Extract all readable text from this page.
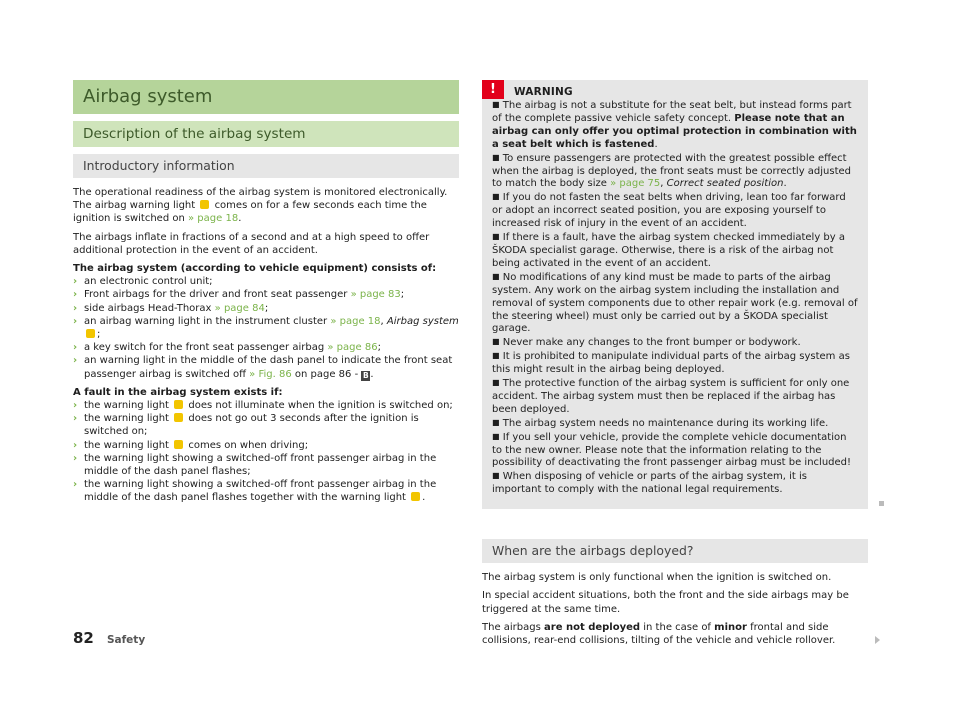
Airbag system
Description of the airbag system
Introductory information

The operational readiness of the airbag system is monitored electronically. The airbag warning light comes on for a few seconds each time the ignition is switched on » page 18.

The airbags inflate in fractions of a second and at a high speed to offer additional protection in the event of an accident.

The airbag system (according to vehicle equipment) consists of:

› an electronic control unit;
› Front airbags for the driver and front seat passenger » page 83;
› side airbags Head-Thorax » page 84;
› an airbag warning light in the instrument cluster » page 18, Airbag system ;
› a key switch for the front seat passenger airbag » page 86;
› an warning light in the middle of the dash panel to indicate the front seat passenger airbag is switched off » Fig. 86 on page 86 - B .

A fault in the airbag system exists if:

› the warning light does not illuminate when the ignition is switched on;
› the warning light does not go out 3 seconds after the ignition is switched on;
› the warning light comes on when driving;
› the warning light showing a switched-off front passenger airbag in the middle of the dash panel flashes;
› the warning light showing a switched-off front passenger airbag in the middle of the dash panel flashes together with the warning light .
!	WARNING
■ The airbag is not a substitute for the seat belt, but instead forms part of the complete passive vehicle safety concept. Please note that an airbag can only offer you optimal protection in combination with a seat belt which is fastened.
■ To ensure passengers are protected with the greatest possible effect when the airbag is deployed, the front seats must be correctly adjusted to match the body size » page 75, Correct seated position.
■ If you do not fasten the seat belts when driving, lean too far forward or adopt an incorrect seated position, you are exposing yourself to increased risk of injury in the event of an accident.
■ If there is a fault, have the airbag system checked immediately by a ŠKODA specialist garage. Otherwise, there is a risk of the airbag not being activated in the event of an accident.
■ No modifications of any kind must be made to parts of the airbag system. Any work on the airbag system including the installation and removal of system components due to other repair work (e.g. removal of the steering wheel) must only be carried out by a ŠKODA specialist garage.
■ Never make any changes to the front bumper or bodywork.
■ It is prohibited to manipulate individual parts of the airbag system as this might result in the airbag being deployed.
■ The protective function of the airbag system is sufficient for only one accident. The airbag system must then be replaced if the airbag has been deployed.
■ The airbag system needs no maintenance during its working life.
■ If you sell your vehicle, provide the complete vehicle documentation to the new owner. Please note that the information relating to the possibility of deactivating the front passenger airbag must be included!
■ When disposing of vehicle or parts of the airbag system, it is important to comply with the national legal requirements.
When are the airbags deployed?

The airbag system is only functional when the ignition is switched on.

In special accident situations, both the front and the side airbags may be triggered at the same time.

The airbags are not deployed in the case of minor frontal and side collisions, rear-end collisions, tilting of the vehicle and vehicle rollover.

82 Safety
